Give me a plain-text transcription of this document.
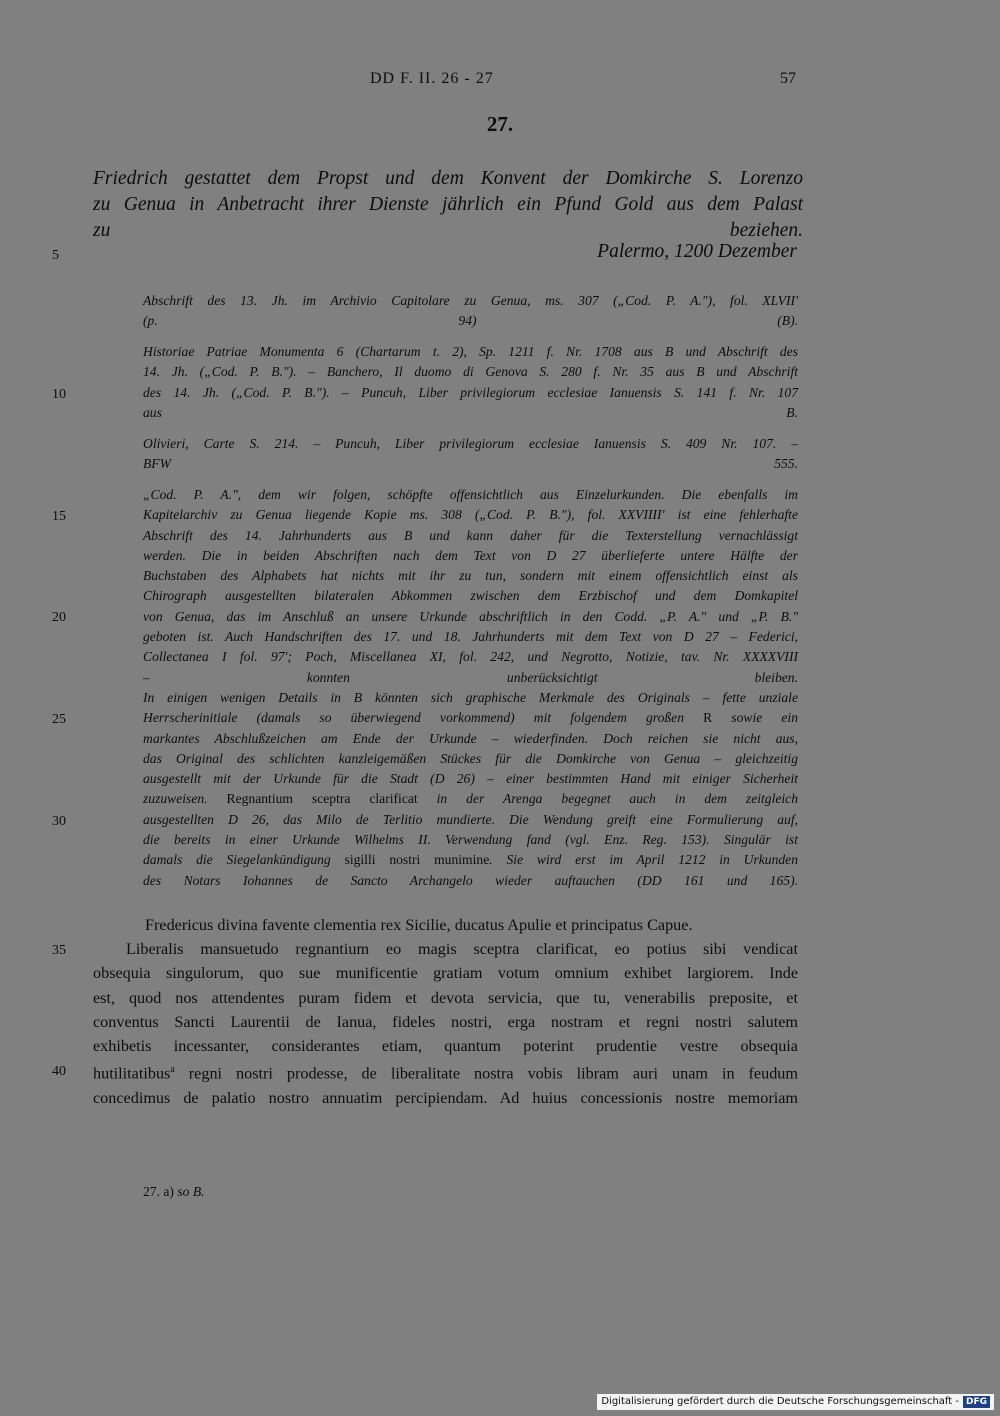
DD F. II. 26 - 27	57
27.
Friedrich gestattet dem Propst und dem Konvent der Domkirche S. Lorenzo
zu Genua in Anbetracht ihrer Dienste jährlich ein Pfund Gold aus dem Palast
zu beziehen.
Palermo, 1200 Dezember
5
10
15
20
25
30
35
40
Abschrift des 13. Jh. im Archivio Capitolare zu Genua, ms. 307 („Cod. P. A."), fol. XLVII'
(p. 94) (B).
Historiae Patriae Monumenta 6 (Chartarum t. 2), Sp. 1211 f. Nr. 1708 aus B und Abschrift des
14. Jh. („Cod. P. B."). – Banchero, Il duomo di Genova S. 280 f. Nr. 35 aus B und Abschrift
des 14. Jh. („Cod. P. B."). – Puncuh, Liber privilegiorum ecclesiae Ianuensis S. 141 f. Nr. 107
aus B.
Olivieri, Carte S. 214. – Puncuh, Liber privilegiorum ecclesiae Ianuensis S. 409 Nr. 107. –
BFW 555.
„Cod. P. A.", dem wir folgen, schöpfte offensichtlich aus Einzelurkunden. Die ebenfalls im
Kapitelarchiv zu Genua liegende Kopie ms. 308 („Cod. P. B."), fol. XXVIIII' ist eine fehlerhafte
Abschrift des 14. Jahrhunderts aus B und kann daher für die Texterstellung vernachlässigt
werden. Die in beiden Abschriften nach dem Text von D 27 überlieferte untere Hälfte der
Buchstaben des Alphabets hat nichts mit ihr zu tun, sondern mit einem offensichtlich einst als
Chirograph ausgestellten bilateralen Abkommen zwischen dem Erzbischof und dem Domkapitel
von Genua, das im Anschluß an unsere Urkunde abschriftlich in den Codd. „P. A." und „P. B."
geboten ist. Auch Handschriften des 17. und 18. Jahrhunderts mit dem Text von D 27 – Federici,
Collectanea I fol. 97'; Poch, Miscellanea XI, fol. 242, und Negrotto, Notizie, tav. Nr. XXXXVIII
– konnten unberücksichtigt bleiben.
In einigen wenigen Details in B könnten sich graphische Merkmale des Originals – fette unziale
Herrscherinitiale (damals so überwiegend vorkommend) mit folgendem großen R sowie ein
markantes Abschlußzeichen am Ende der Urkunde – wiederfinden. Doch reichen sie nicht aus,
das Original des schlichten kanzleigemäßen Stückes für die Domkirche von Genua – gleichzeitig
ausgestellt mit der Urkunde für die Stadt (D 26) – einer bestimmten Hand mit einiger Sicherheit
zuzuweisen. Regnantium sceptra clarificat in der Arenga begegnet auch in dem zeitgleich
ausgestellten D 26, das Milo de Terlitio mundierte. Die Wendung greift eine Formulierung auf,
die bereits in einer Urkunde Wilhelms II. Verwendung fand (vgl. Enz. Reg. 153). Singulär ist
damals die Siegelankündigung sigilli nostri munimine. Sie wird erst im April 1212 in Urkunden
des Notars Iohannes de Sancto Archangelo wieder auftauchen (DD 161 und 165).
Fredericus divina favente clementia rex Sicilie, ducatus Apulie et principatus Capue.
Liberalis mansuetudo regnantium eo magis sceptra clarificat, eo potius sibi vendicat
obsequia singulorum, quo sue munificentie gratiam votum omnium exhibet largiorem. Inde
est, quod nos attendentes puram fidem et devota servicia, que tu, venerabilis preposite, et
conventus Sancti Laurentii de Ianua, fideles nostri, erga nostram et regni nostri salutem
exhibetis incessanter, considerantes etiam, quantum poterint prudentie vestre obsequia
hutilitatibus$^a$ regni nostri prodesse, de liberalitate nostra vobis libram auri unam in feudum
concedimus de palatio nostro annuatim percipiendam. Ad huius concessionis nostre memoriam
27. a) so B.
Digitalisierung gefördert durch die Deutsche Forschungsgemeinschaft - DFG
